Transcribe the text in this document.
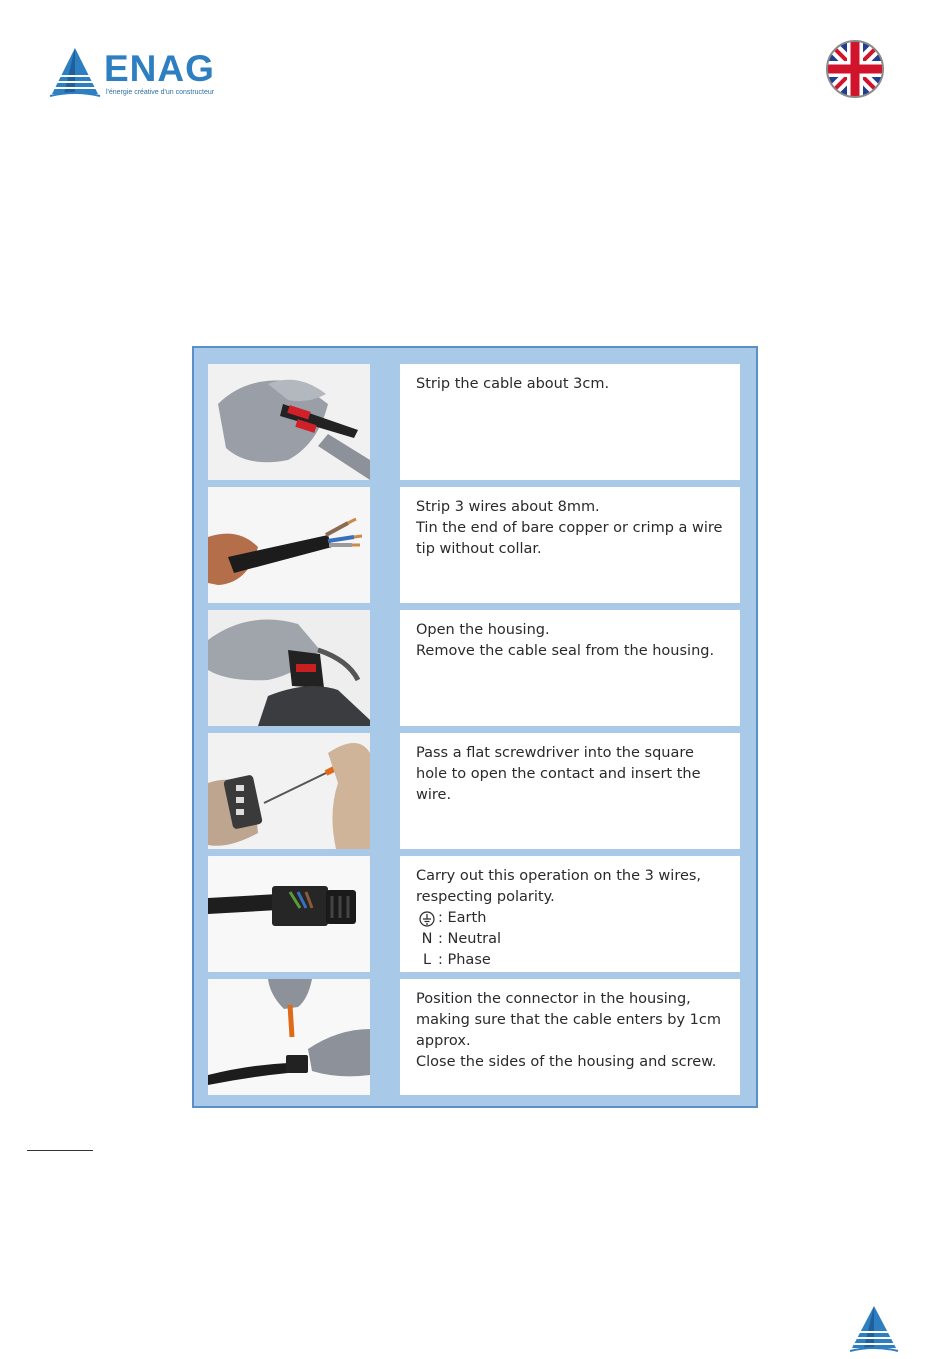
ENAG
l'énergie créative d'un constructeur
Strip the cable about 3cm.
Strip 3 wires about 8mm.
Tin the end of bare copper or crimp a wire
tip without collar.
Open the housing.
Remove the cable seal from the housing.
Pass a flat screwdriver into the square
hole to open the contact and insert the
wire.
Carry out this operation on the 3 wires,
respecting polarity.
: Earth
N : Neutral
L : Phase
Position the connector in the housing,
making sure that the cable enters by 1cm
approx.
Close the sides of the housing and screw.
